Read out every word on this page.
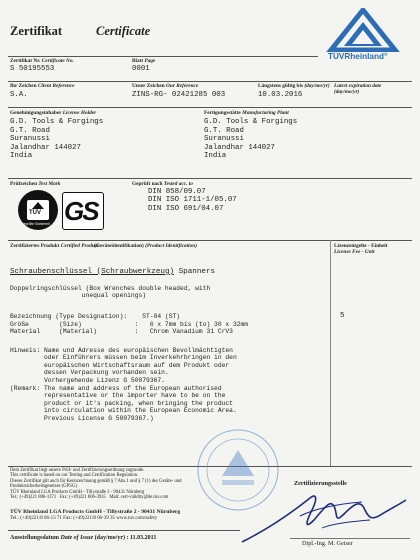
Zertifikat	Certificate
TÜVRheinland®
Zertifikat Nr. Certificate No.
S 50195553
Blatt Page
0001
Ihr Zeichen Client Reference
S.A.
Unser Zeichen Our Reference
ZINS-RG- 02421285 003
Längstens gültig bis (day/mo/yr)
10.03.2016
Latest expiration date
(day/mo/yr)
Genehmigungsinhaber License Holder
G.D. Tools & Forgings
G.T. Road
Suranussi
Jalandhar 144027
India
Fertigungsstätte Manufacturing Plant
G.D. Tools & Forgings
G.T. Road
Suranussi
Jalandhar 144027
India
Prüfzeichen Test Mark
TÜV
geprüfte Sicherheit GS
Geprüft nach Tested acc. to
DIN 858/09.07
DIN ISO 1711-1/05.07
DIN ISO 691/04.07
Zertifiziertes Produkt Certified Product
(Geräteidentifikation) (Product Identification)	Lizenzentgelte - Einheit
License Fee - Unit
Schraubenschlüssel (Schraubwerkzeug) Spanners
Doppelringschlüssel (Box Wrenches double headed, with
unequal openings)
Bezeichnung (Type Designation):    ST-04 (ST)
Größe        (Size)              :   6 x 7mm bis (to) 30 x 32mm
Material     (Material)          :   Chrom Vanadium 31 CrV3
5
Hinweis: Name und Adresse des europäischen Bevollmächtigten
oder Einführers müssen beim Inverkehrbringen in den
europäischen Wirtschaftsraum auf dem Produkt oder
dessen Verpackung vorhanden sein.
Vorhergehende Lizenz G 50079367.
(Remark: The name and address of the European authorised
representative or the importer have to be on the
product or it's packing, when bringing the product
into circulation within the European Economic Area.
Previous License G 50079367.)
Dem Zertifikat liegt unsere Prüf- und Zertifizierungsordnung zugrunde.
This certificate is based on our Testing and Certification Regulation.
Dieses Zertifikat gilt auch für Kennzeichnung gemäß § 7 Abs.1 und § 7 (1) des Geräte- und
Produktsicherheitsgesetzes (GPSG).
TÜV Rheinland LGA Products GmbH - Tillystraße 2 - 90431 Nürnberg
Tel.: (+49)221 806-1371   Fax: (+49)221 806-3935   Mail: cert-validity@de.tuv.com
TÜV Rheinland LGA Products GmbH - Tillystraße 2 - 90431 Nürnberg
Tel.: (+49)221/8 06-13 71 Fax: (+49)221/8 06-39 35 www.tuv.com/safety
Ausstellungsdatum Date of Issue (day/mo/yr) : 11.03.2011
Zertifizierungsstelle
Dipl.-Ing. M. Geiser
